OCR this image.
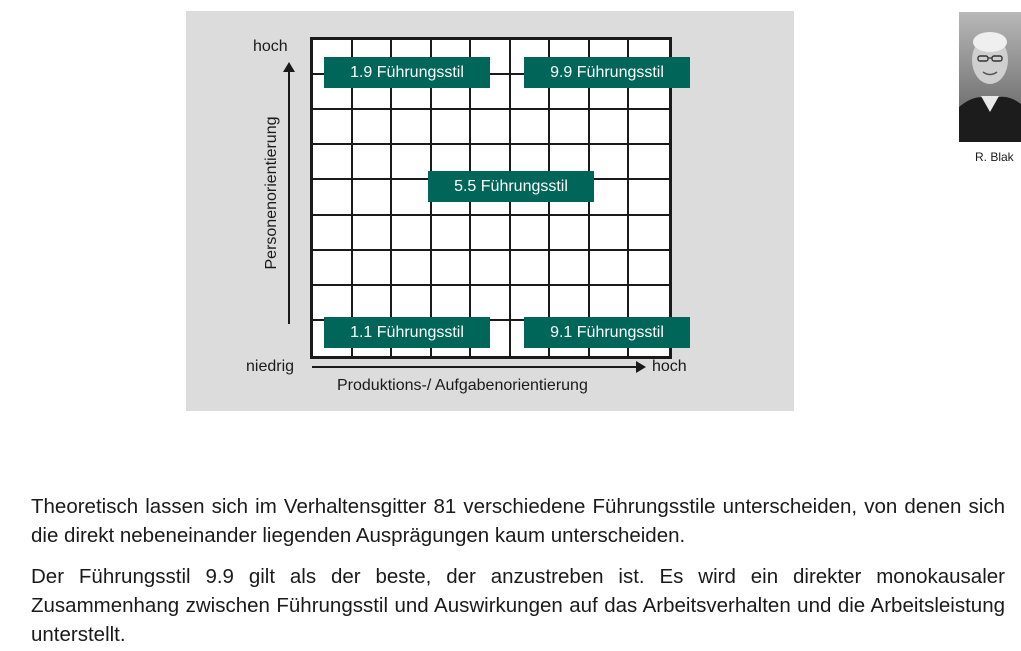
1.9 Führungsstil	9.9 Führungsstil
5.5 Führungsstil
1.1 Führungsstil	9.1 Führungsstil
hoch
Personenorientierung
niedrig	hoch
Produktions-/ Aufgabenorientierung
R. Blak

Theoretisch lassen sich im Verhaltensgitter 81 verschiedene Führungsstile unterscheiden, von denen sich die direkt nebeneinander liegenden Ausprägungen kaum unterscheiden.

Der Führungsstil 9.9 gilt als der beste, der anzustreben ist. Es wird ein direkter monokausaler Zusammenhang zwischen Führungsstil und Auswirkungen auf das Arbeitsverhalten und die Arbeitsleistung unterstellt.
